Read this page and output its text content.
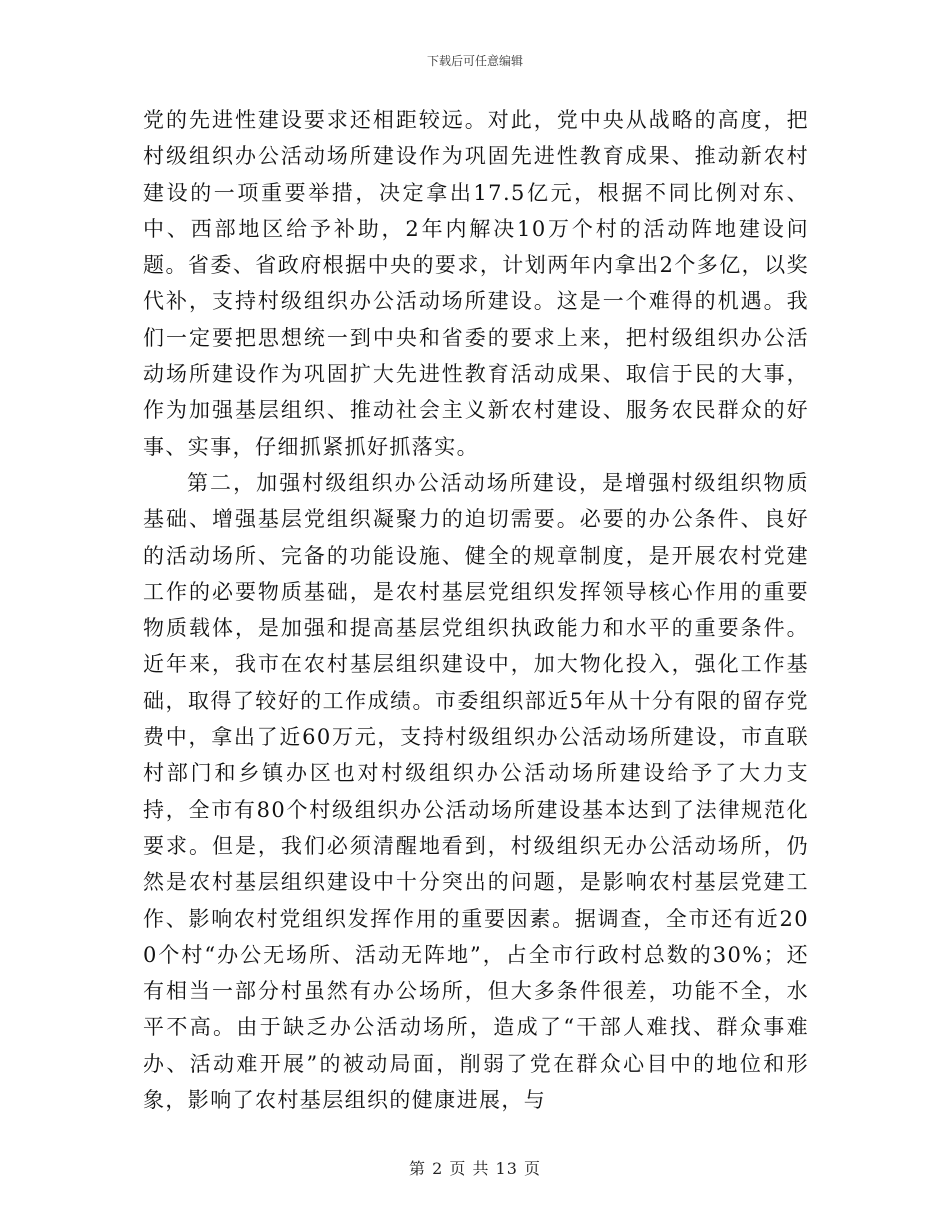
下载后可任意编辑

党的先进性建设要求还相距较远。对此，党中央从战略的高度，把村级组织办公活动场所建设作为巩固先进性教育成果、推动新农村建设的一项重要举措，决定拿出17.5亿元，根据不同比例对东、中、西部地区给予补助，2年内解决10万个村的活动阵地建设问题。省委、省政府根据中央的要求，计划两年内拿出2个多亿，以奖代补，支持村级组织办公活动场所建设。这是一个难得的机遇。我们一定要把思想统一到中央和省委的要求上来，把村级组织办公活动场所建设作为巩固扩大先进性教育活动成果、取信于民的大事，作为加强基层组织、推动社会主义新农村建设、服务农民群众的好事、实事，仔细抓紧抓好抓落实。

第二，加强村级组织办公活动场所建设，是增强村级组织物质基础、增强基层党组织凝聚力的迫切需要。必要的办公条件、良好的活动场所、完备的功能设施、健全的规章制度，是开展农村党建工作的必要物质基础，是农村基层党组织发挥领导核心作用的重要物质载体，是加强和提高基层党组织执政能力和水平的重要条件。近年来，我市在农村基层组织建设中，加大物化投入，强化工作基础，取得了较好的工作成绩。市委组织部近5年从十分有限的留存党费中，拿出了近60万元，支持村级组织办公活动场所建设，市直联村部门和乡镇办区也对村级组织办公活动场所建设给予了大力支持，全市有80个村级组织办公活动场所建设基本达到了法律规范化要求。但是，我们必须清醒地看到，村级组织无办公活动场所，仍然是农村基层组织建设中十分突出的问题，是影响农村基层党建工作、影响农村党组织发挥作用的重要因素。据调查，全市还有近200个村“办公无场所、活动无阵地”，占全市行政村总数的30%；还有相当一部分村虽然有办公场所，但大多条件很差，功能不全，水平不高。由于缺乏办公活动场所，造成了“干部人难找、群众事难办、活动难开展”的被动局面，削弱了党在群众心目中的地位和形象，影响了农村基层组织的健康进展，与

第 2 页 共 13 页
